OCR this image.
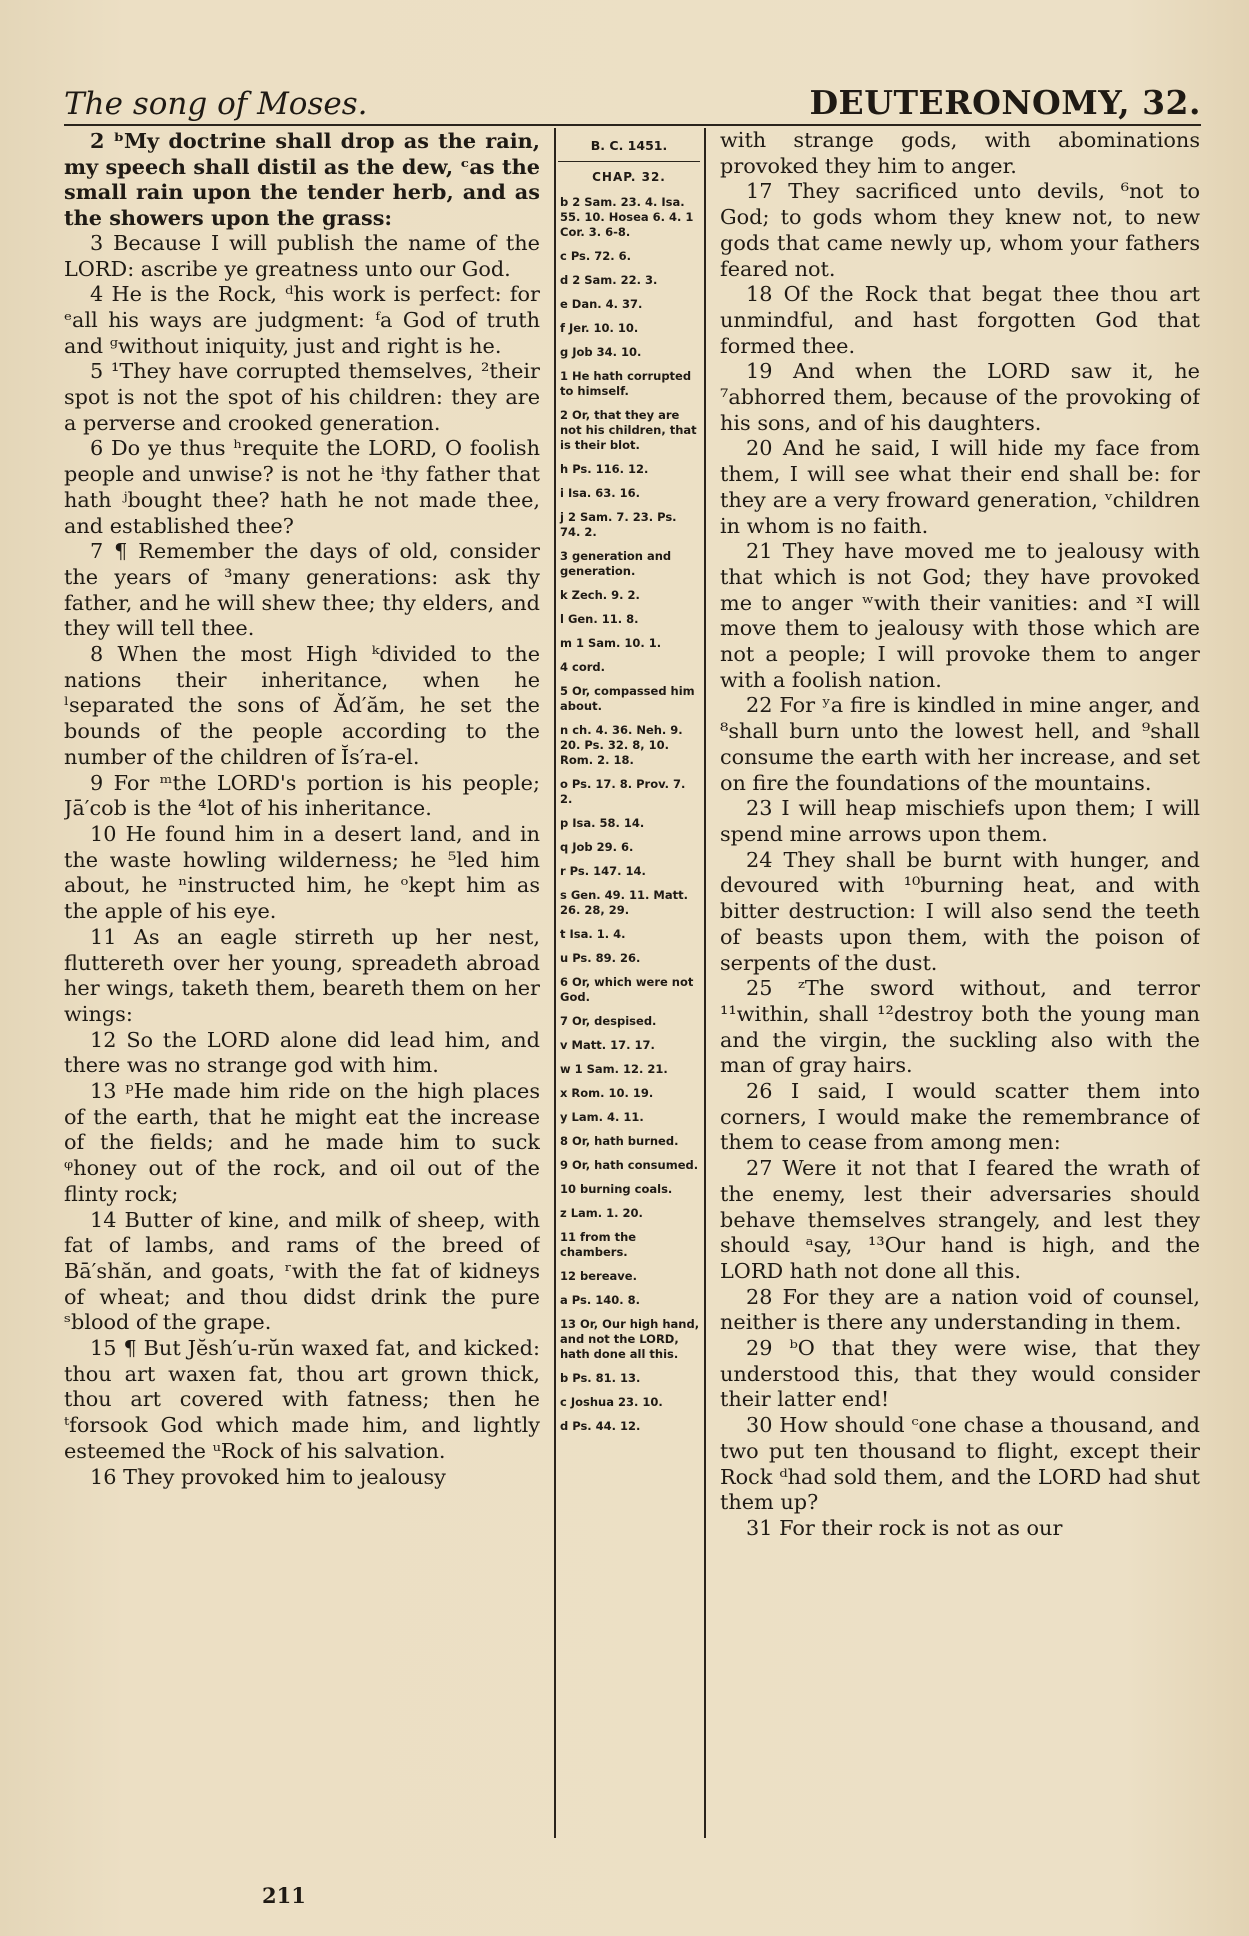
The song of Moses.	DEUTERONOMY, 32.

2 ᵇMy doctrine shall drop as the rain, my speech shall distil as the dew, ᶜas the small rain upon the tender herb, and as the showers upon the grass:

3 Because I will publish the name of the LORD: ascribe ye greatness unto our God.

4 He is the Rock, ᵈhis work is perfect: for ᵉall his ways are judgment: ᶠa God of truth and ᵍwithout iniquity, just and right is he.

5 ¹They have corrupted themselves, ²their spot is not the spot of his children: they are a perverse and crooked generation.

6 Do ye thus ʰrequite the LORD, O foolish people and unwise? is not he ⁱthy father that hath ʲbought thee? hath he not made thee, and established thee?

7 ¶ Remember the days of old, consider the years of ³many generations: ask thy father, and he will shew thee; thy elders, and they will tell thee.

8 When the most High ᵏdivided to the nations their inheritance, when he ˡseparated the sons of Ăd′ăm, he set the bounds of the people according to the number of the children of Ĭs′ra-el.

9 For ᵐthe LORD's portion is his people; Jā′cob is the ⁴lot of his inheritance.

10 He found him in a desert land, and in the waste howling wilderness; he ⁵led him about, he ⁿinstructed him, he ᵒkept him as the apple of his eye.

11 As an eagle stirreth up her nest, fluttereth over her young, spreadeth abroad her wings, taketh them, beareth them on her wings:

12 So the LORD alone did lead him, and there was no strange god with him.

13 ᵖHe made him ride on the high places of the earth, that he might eat the increase of the fields; and he made him to suck ᵠhoney out of the rock, and oil out of the flinty rock;

14 Butter of kine, and milk of sheep, with fat of lambs, and rams of the breed of Bā′shăn, and goats, ʳwith the fat of kidneys of wheat; and thou didst drink the pure ˢblood of the grape.

15 ¶ But Jĕsh′u-rŭn waxed fat, and kicked: thou art waxen fat, thou art grown thick, thou art covered with fatness; then he ᵗforsook God which made him, and lightly esteemed the ᵘRock of his salvation.

16 They provoked him to jealousy

B. C. 1451.
CHAP. 32.
b 2 Sam. 23. 4. Isa. 55. 10. Hosea 6. 4. 1 Cor. 3. 6-8.
c Ps. 72. 6.
d 2 Sam. 22. 3.
e Dan. 4. 37.
f Jer. 10. 10.
g Job 34. 10.
1 He hath corrupted to himself.
2 Or, that they are not his children, that is their blot.
h Ps. 116. 12.
i Isa. 63. 16.
j 2 Sam. 7. 23. Ps. 74. 2.
3 generation and generation.
k Zech. 9. 2.
l Gen. 11. 8.
m 1 Sam. 10. 1.
4 cord.
5 Or, compassed him about.
n ch. 4. 36. Neh. 9. 20. Ps. 32. 8, 10. Rom. 2. 18.
o Ps. 17. 8. Prov. 7. 2.
p Isa. 58. 14.
q Job 29. 6.
r Ps. 147. 14.
s Gen. 49. 11. Matt. 26. 28, 29.
t Isa. 1. 4.
u Ps. 89. 26.
6 Or, which were not God.
7 Or, despised.
v Matt. 17. 17.
w 1 Sam. 12. 21.
x Rom. 10. 19.
y Lam. 4. 11.
8 Or, hath burned.
9 Or, hath consumed.
10 burning coals.
z Lam. 1. 20.
11 from the chambers.
12 bereave.
a Ps. 140. 8.
13 Or, Our high hand, and not the LORD, hath done all this.
b Ps. 81. 13.
c Joshua 23. 10.
d Ps. 44. 12.

with strange gods, with abominations provoked they him to anger.

17 They sacrificed unto devils, ⁶not to God; to gods whom they knew not, to new gods that came newly up, whom your fathers feared not.

18 Of the Rock that begat thee thou art unmindful, and hast forgotten God that formed thee.

19 And when the LORD saw it, he ⁷abhorred them, because of the provoking of his sons, and of his daughters.

20 And he said, I will hide my face from them, I will see what their end shall be: for they are a very froward generation, ᵛchildren in whom is no faith.

21 They have moved me to jealousy with that which is not God; they have provoked me to anger ʷwith their vanities: and ˣI will move them to jealousy with those which are not a people; I will provoke them to anger with a foolish nation.

22 For ʸa fire is kindled in mine anger, and ⁸shall burn unto the lowest hell, and ⁹shall consume the earth with her increase, and set on fire the foundations of the mountains.

23 I will heap mischiefs upon them; I will spend mine arrows upon them.

24 They shall be burnt with hunger, and devoured with ¹⁰burning heat, and with bitter destruction: I will also send the teeth of beasts upon them, with the poison of serpents of the dust.

25 ᶻThe sword without, and terror ¹¹within, shall ¹²destroy both the young man and the virgin, the suckling also with the man of gray hairs.

26 I said, I would scatter them into corners, I would make the remembrance of them to cease from among men:

27 Were it not that I feared the wrath of the enemy, lest their adversaries should behave themselves strangely, and lest they should ᵃsay, ¹³Our hand is high, and the LORD hath not done all this.

28 For they are a nation void of counsel, neither is there any understanding in them.

29 ᵇO that they were wise, that they understood this, that they would consider their latter end!

30 How should ᶜone chase a thousand, and two put ten thousand to flight, except their Rock ᵈhad sold them, and the LORD had shut them up?

31 For their rock is not as our

211
